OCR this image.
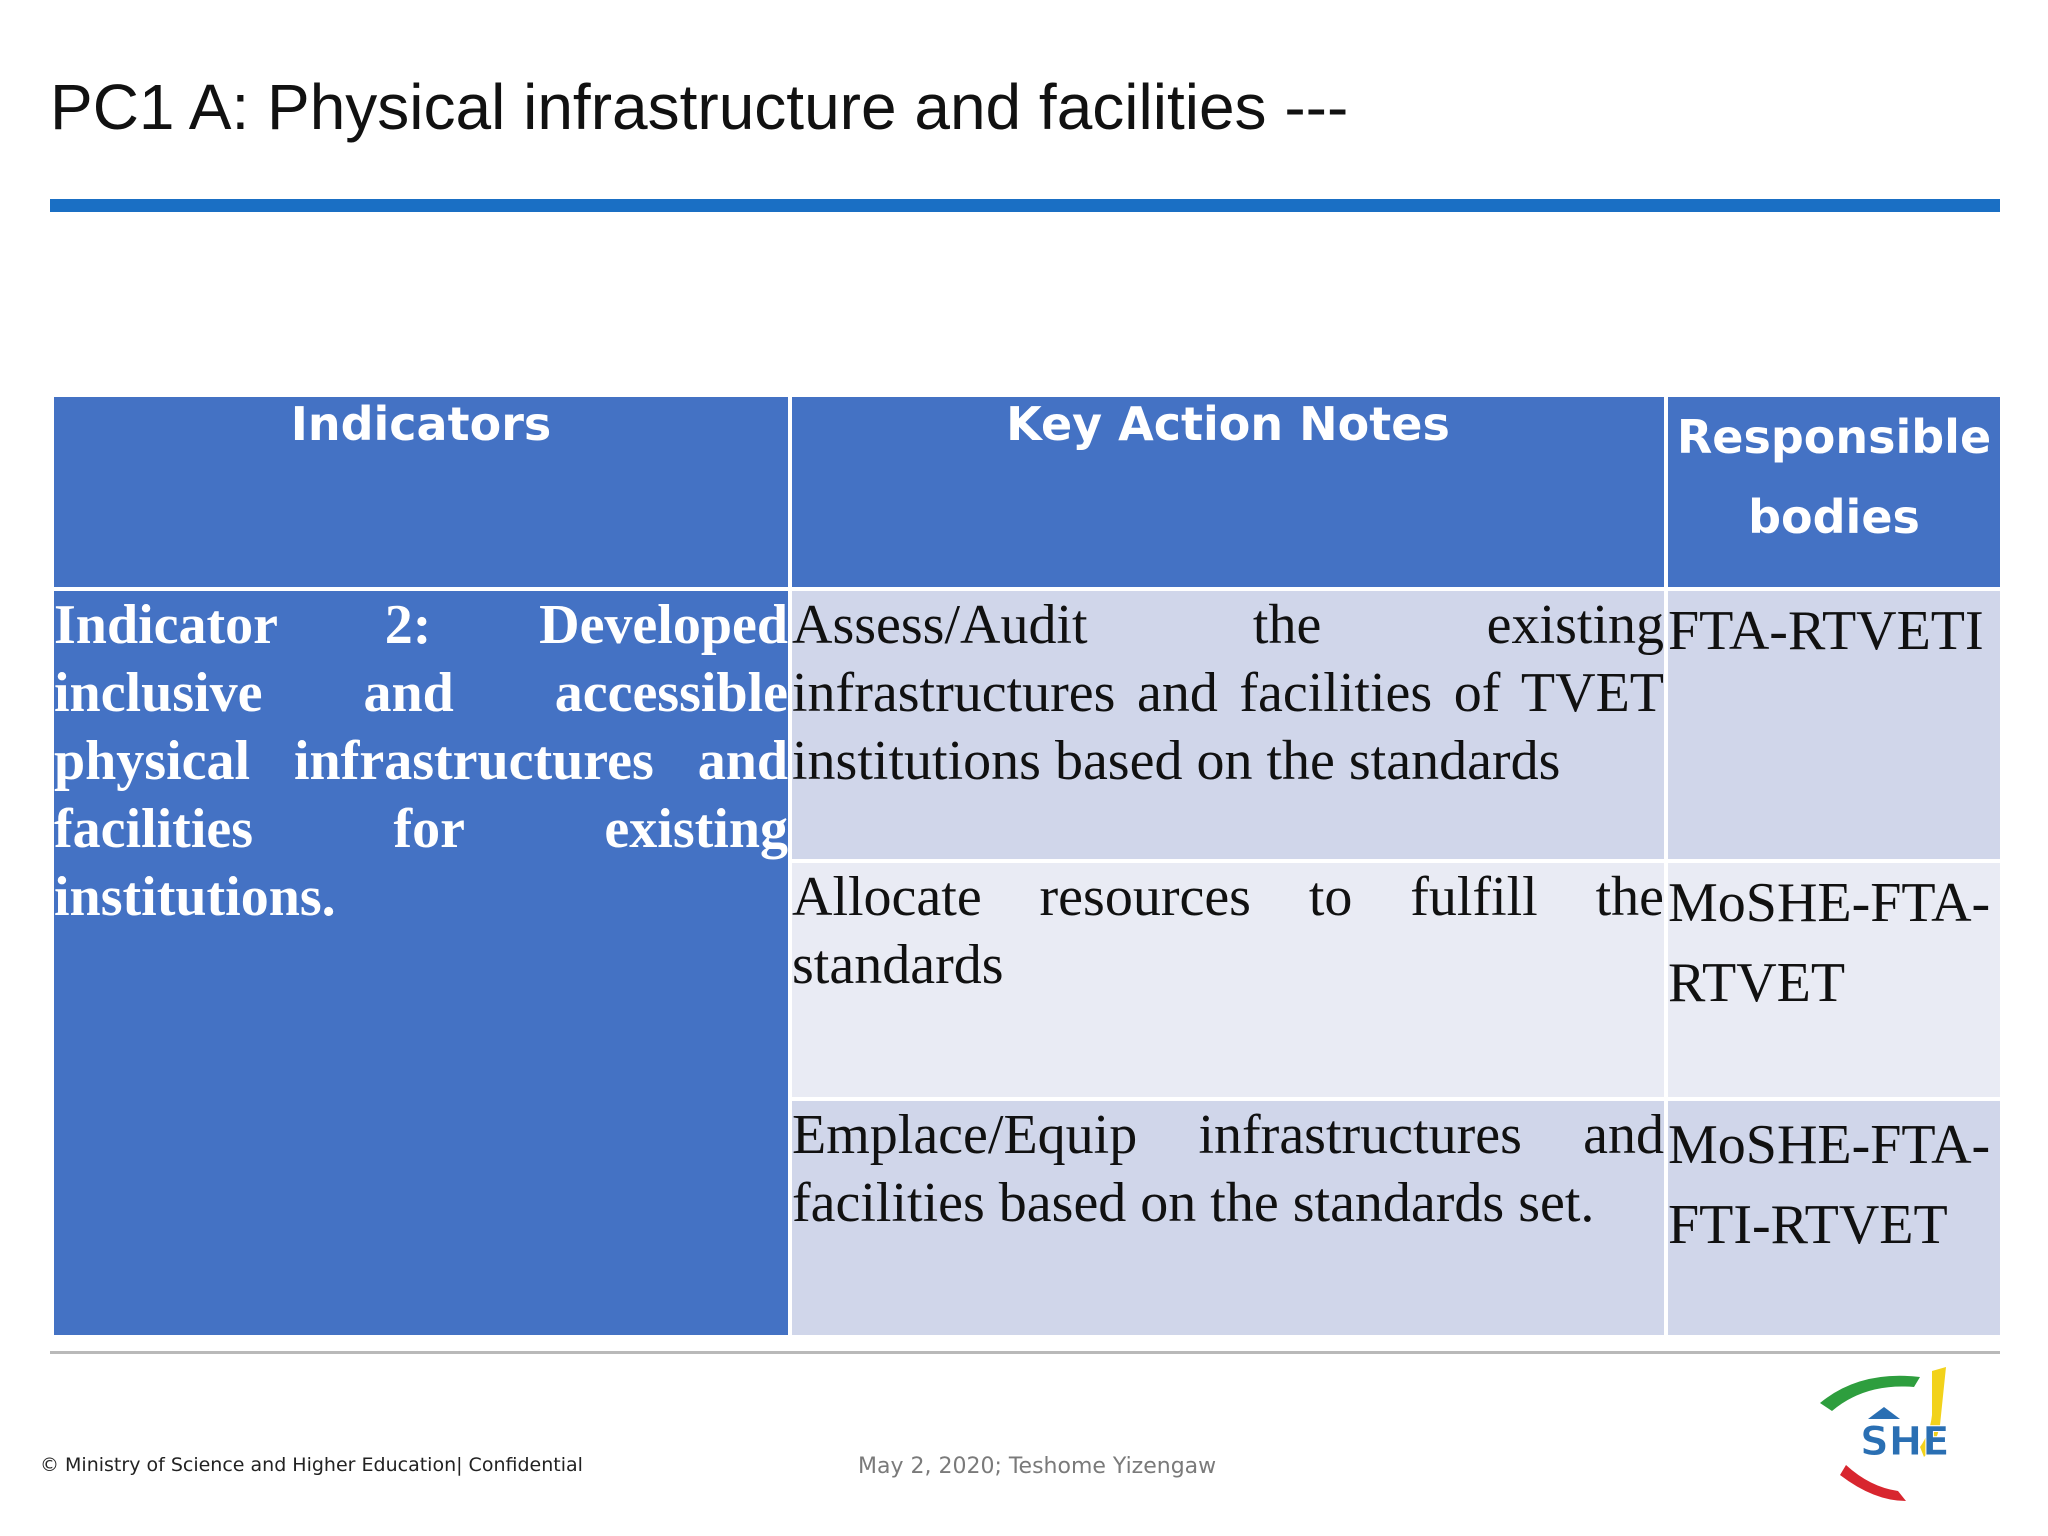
PC1 A: Physical infrastructure and facilities ---
Indicators	Key Action Notes	Responsible bodies

Indicator 2: Developed inclusive and accessible physical infrastructures and facilities for existing institutions.	Assess/Audit the existing infrastructures and facilities of TVET institutions based on the standards	FTA-RTVETI
	Allocate resources to fulfill the standards	MoSHE-FTA-RTVET
	Emplace/Equip infrastructures and facilities based on the standards set.	MoSHE-FTA-FTI-RTVET
© Ministry of Science and Higher Education| Confidential	May 2, 2020; Teshome Yizengaw
SHE
